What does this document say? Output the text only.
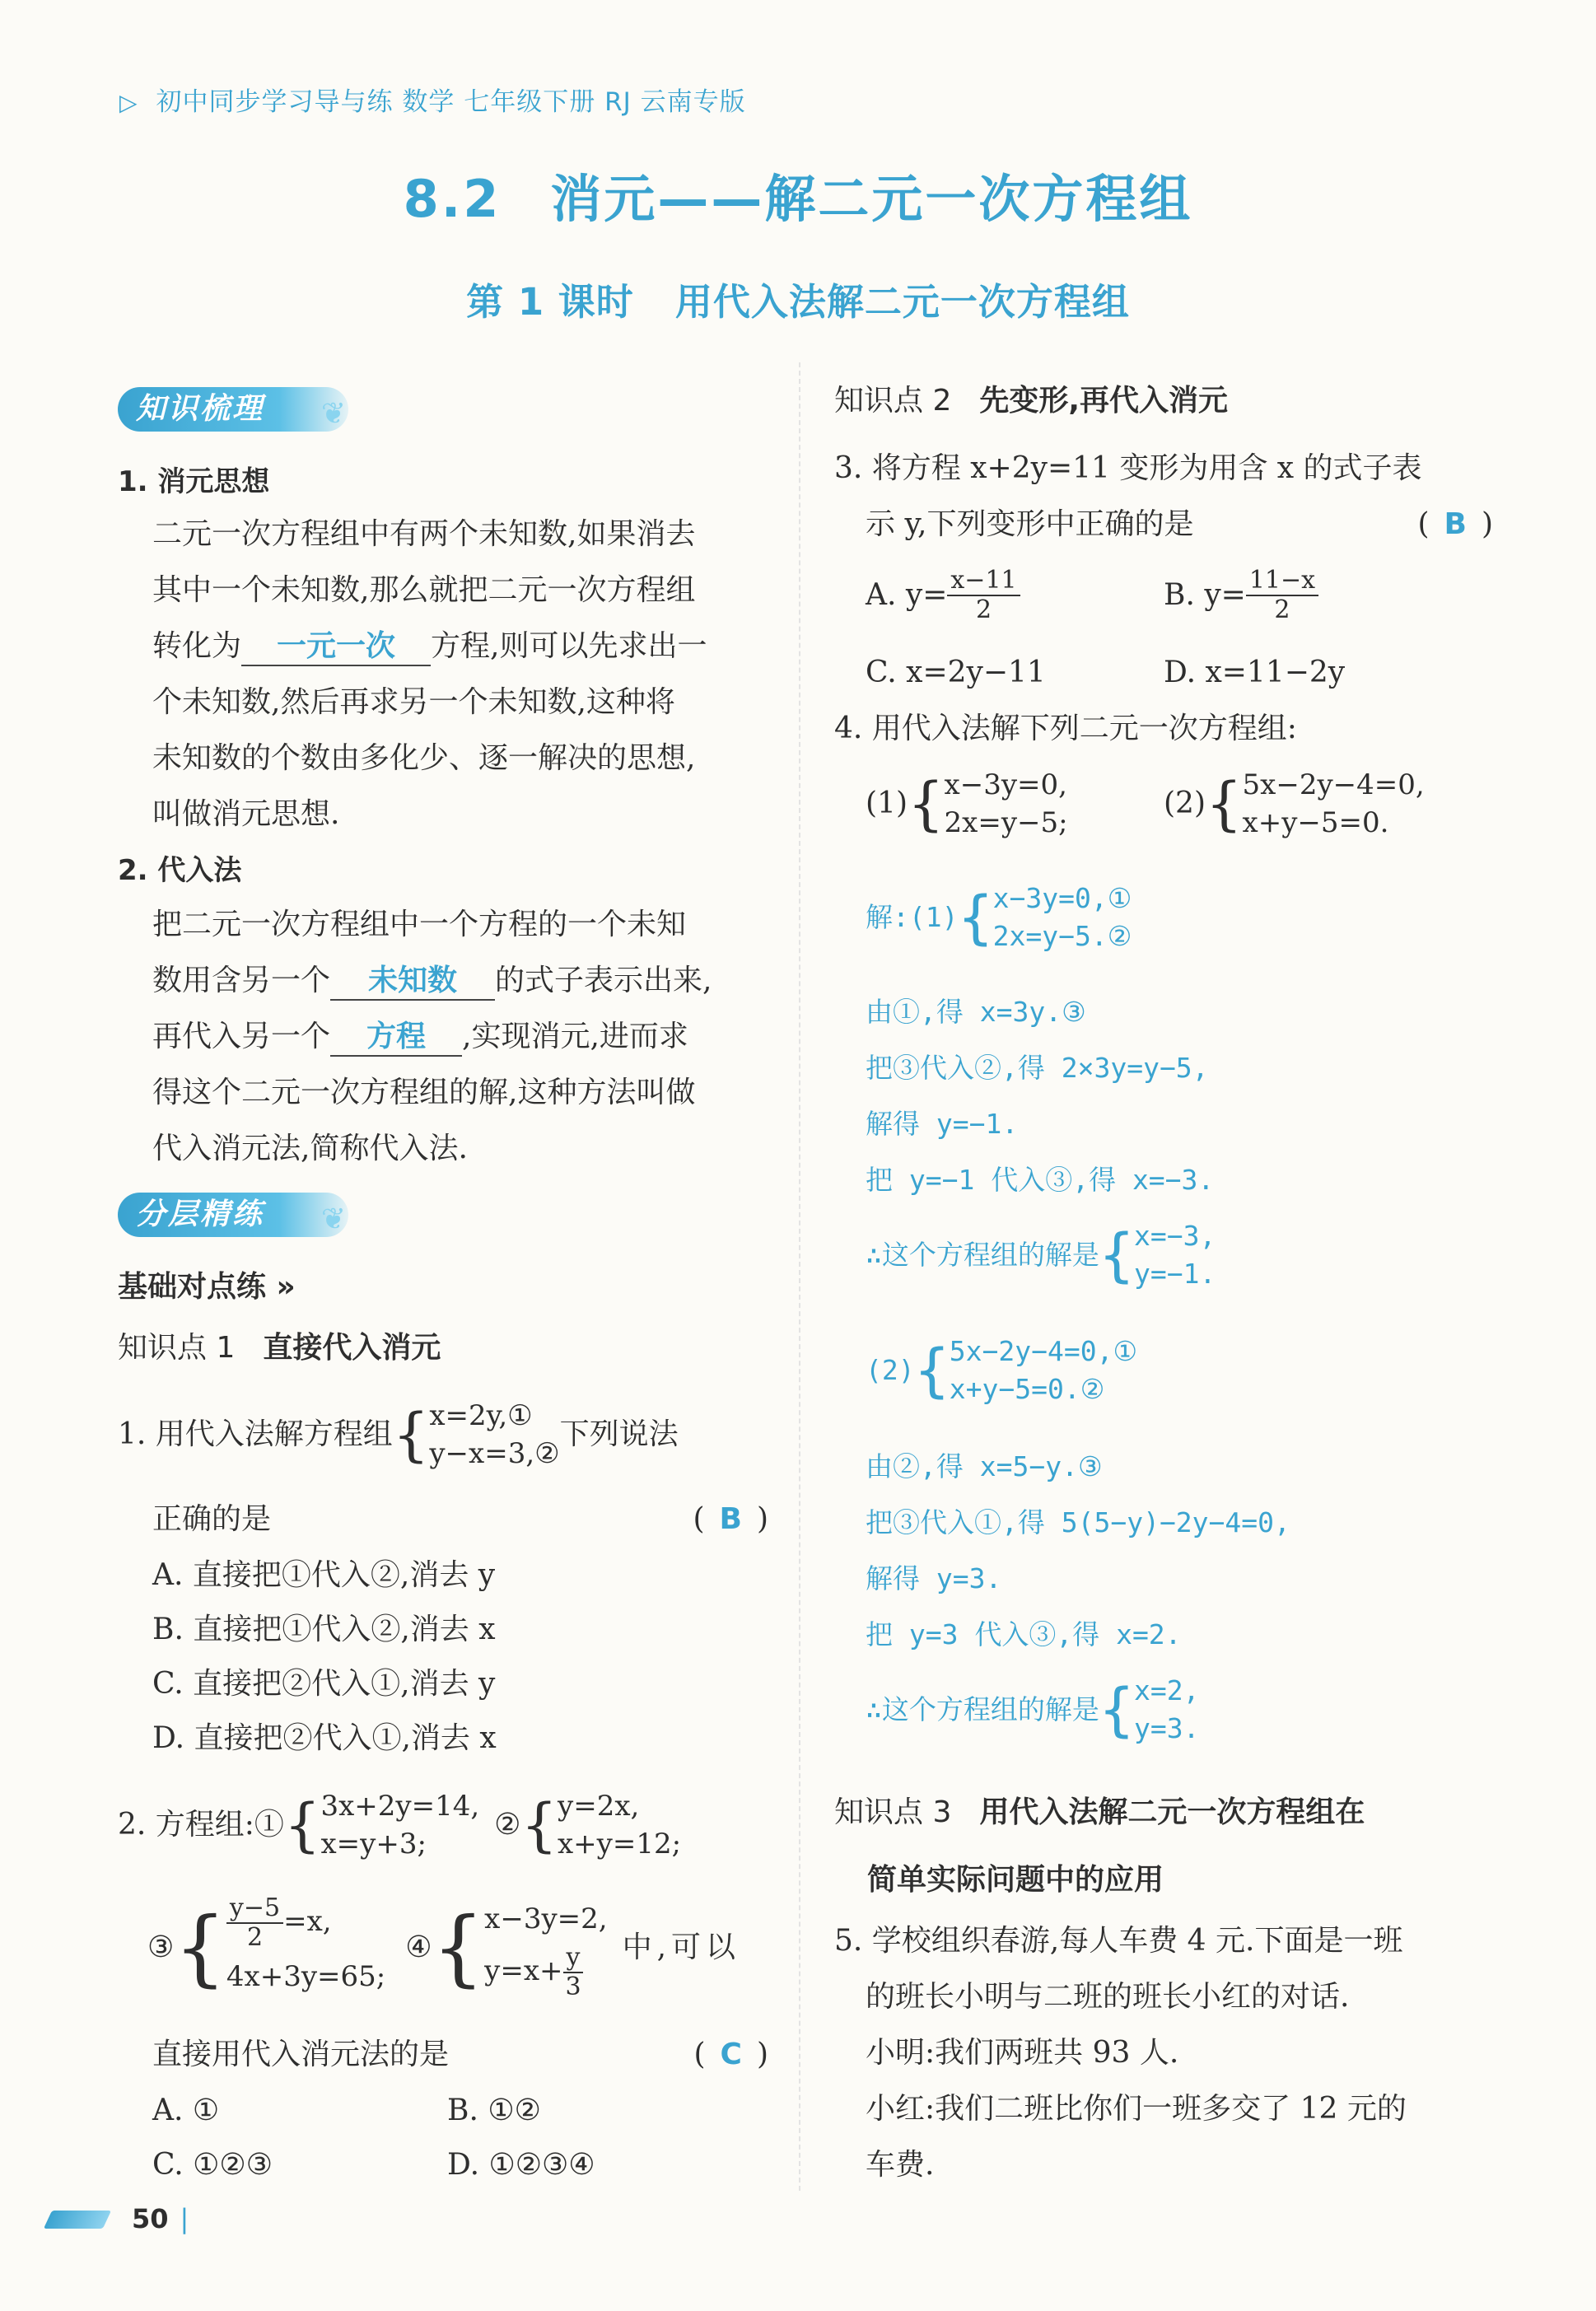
▷ 初中同步学习导与练 数学 七年级下册 RJ 云南专版
8.2 消元——解二元一次方程组
第 1 课时 用代入法解二元一次方程组
知识梳理 ❦
1. 消元思想
二元一次方程组中有两个未知数,如果消去
其中一个未知数,那么就把二元一次方程组
转化为 一元一次 方程,则可以先求出一
个未知数,然后再求另一个未知数,这种将
未知数的个数由多化少、逐一解决的思想,
叫做消元思想.
2. 代入法
把二元一次方程组中一个方程的一个未知
数用含另一个 未知数 的式子表示出来,
再代入另一个 方程 ,实现消元,进而求
得这个二元一次方程组的解,这种方法叫做
代入消元法,简称代入法.
分层精练 ❦
基础对点练 »
知识点 1 直接代入消元
1. 用代入法解方程组{ x=2y,①
y−x=3,②
下列说法
正确的是	( B )
A. 直接把①代入②,消去 y
B. 直接把①代入②,消去 x
C. 直接把②代入①,消去 y
D. 直接把②代入①,消去 x
2. 方程组:①{ 3x+2y=14,
x=y+3;
②{ y=2x,
x+y=12;
③{ $\frac{y-5}{2} =x$,
4x+3y=65;
④{ x−3y=2,
$y=x+ \frac{y}{3}$ 中,可以
直接用代入消元法的是	( C )
A. ①	B. ①②
C. ①②③	D. ①②③④
知识点 2 先变形,再代入消元
3. 将方程 x+2y=11 变形为用含 x 的式子表
示 y,下列变形中正确的是	( B )
A. $y= \frac{x-11}{2}$	B. $y= \frac{11-x}{2}$
C. x=2y−11	D. x=11−2y
4. 用代入法解下列二元一次方程组:
(1){ x−3y=0,
2x=y−5;
(2){ 5x−2y−4=0,
x+y−5=0.
解:(1){ x−3y=0,①
2x=y−5.②
由①,得 x=3y.③
把③代入②,得 2×3y=y−5,
解得 y=−1.
把 y=−1 代入③,得 x=−3.
∴这个方程组的解是{ x=−3,
y=−1.
(2){ 5x−2y−4=0,①
x+y−5=0.②
由②,得 x=5−y.③
把③代入①,得 5(5−y)−2y−4=0,
解得 y=3.
把 y=3 代入③,得 x=2.
∴这个方程组的解是{ x=2,
y=3.
知识点 3 用代入法解二元一次方程组在
简单实际问题中的应用
5. 学校组织春游,每人车费 4 元.下面是一班
的班长小明与二班的班长小红的对话.
小明:我们两班共 93 人.
小红:我们二班比你们一班多交了 12 元的
车费.
50 |
